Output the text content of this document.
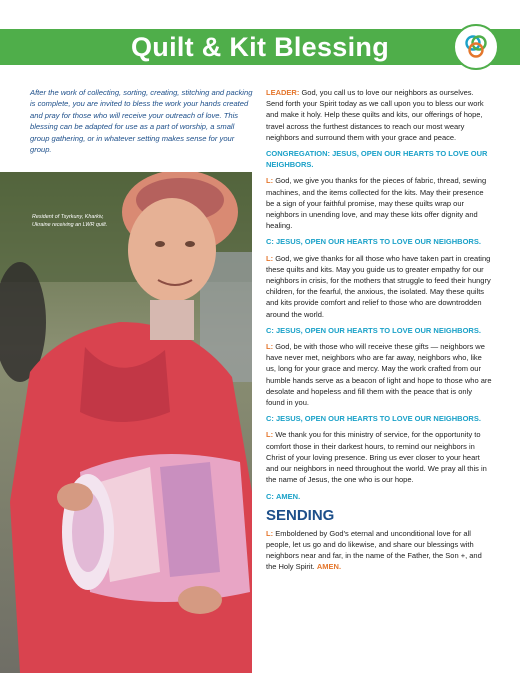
Quilt & Kit Blessing
After the work of collecting, sorting, creating, stitching and packing is complete, you are invited to bless the work your hands created and pray for those who will receive your outreach of love. This blessing can be adapted for use as a part of worship, a small group gathering, or in whatever setting makes sense for your group.
Resident of Tsyrkuny, Kharkiv, Ukraine receiving an LWR quilt.

LEADER: God, you call us to love our neighbors as ourselves. Send forth your Spirit today as we call upon you to bless our work and make it holy. Help these quilts and kits, our offerings of hope, travel across the furthest distances to reach our most weary neighbors and surround them with your grace and peace.

CONGREGATION: JESUS, OPEN OUR HEARTS TO LOVE OUR NEIGHBORS.

L: God, we give you thanks for the pieces of fabric, thread, sewing machines, and the items collected for the kits. May their presence be a sign of your faithful promise, may these quilts wrap our neighbors in unending love, and may these kits offer dignity and healing.

C: JESUS, OPEN OUR HEARTS TO LOVE OUR NEIGHBORS.

L: God, we give thanks for all those who have taken part in creating these quilts and kits. May you guide us to greater empathy for our neighbors in crisis, for the mothers that struggle to feed their hungry children, for the fearful, the anxious, the isolated. May these quilts and kits provide comfort and relief to those who are downtrodden around the world.

C: JESUS, OPEN OUR HEARTS TO LOVE OUR NEIGHBORS.

L: God, be with those who will receive these gifts — neighbors we have never met, neighbors who are far away, neighbors who, like us, long for your grace and mercy. May the work crafted from our humble hands serve as a beacon of light and hope to those who are desolate and hopeless and fill them with the peace that is only found in you.

C: JESUS, OPEN OUR HEARTS TO LOVE OUR NEIGHBORS.

L: We thank you for this ministry of service, for the opportunity to comfort those in their darkest hours, to remind our neighbors in Christ of your loving presence. Bring us ever closer to your heart and our neighbors in need throughout the world. We pray all this in the name of Jesus, the one who is our hope.

C: AMEN.

SENDING

L: Emboldened by God's eternal and unconditional love for all people, let us go and do likewise, and share our blessings with neighbors near and far, in the name of the Father, the Son +, and the Holy Spirit. AMEN.
